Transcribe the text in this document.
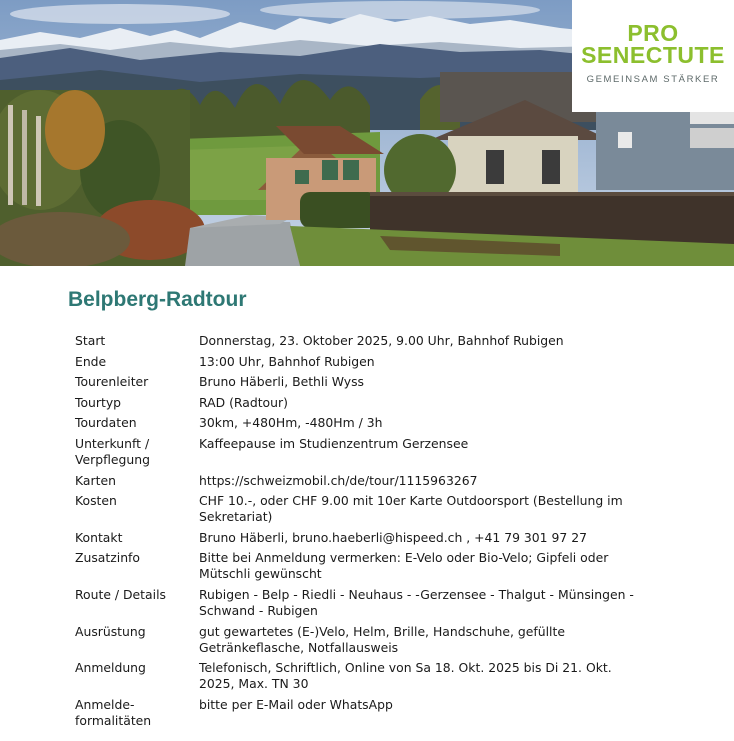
PRO
SENECTUTE
GEMEINSAM STÄRKER
Belpberg-Radtour
Start	Donnerstag, 23. Oktober 2025, 9.00 Uhr, Bahnhof Rubigen
Ende	13:00 Uhr, Bahnhof Rubigen
Tourenleiter	Bruno Häberli, Bethli Wyss
Tourtyp	RAD (Radtour)
Tourdaten	30km, +480Hm, -480Hm / 3h
Unterkunft / Verpflegung	Kaffeepause im Studienzentrum Gerzensee
Karten	https://schweizmobil.ch/de/tour/1115963267
Kosten	CHF 10.-, oder CHF 9.00 mit 10er Karte Outdoorsport (Bestellung im Sekretariat)
Kontakt	Bruno Häberli, bruno.haeberli@hispeed.ch , +41 79 301 97 27
Zusatzinfo	Bitte bei Anmeldung vermerken: E-Velo oder Bio-Velo; Gipfeli oder Mütschli gewünscht
Route / Details	Rubigen - Belp - Riedli - Neuhaus - -Gerzensee - Thalgut - Münsingen - Schwand - Rubigen
Ausrüstung	gut gewartetes (E-)Velo, Helm, Brille, Handschuhe, gefüllte Getränkeflasche, Notfallausweis
Anmeldung	Telefonisch, Schriftlich, Online von Sa 18. Okt. 2025 bis Di 21. Okt. 2025, Max. TN 30
Anmelde- formalitäten	bitte per E-Mail oder WhatsApp
